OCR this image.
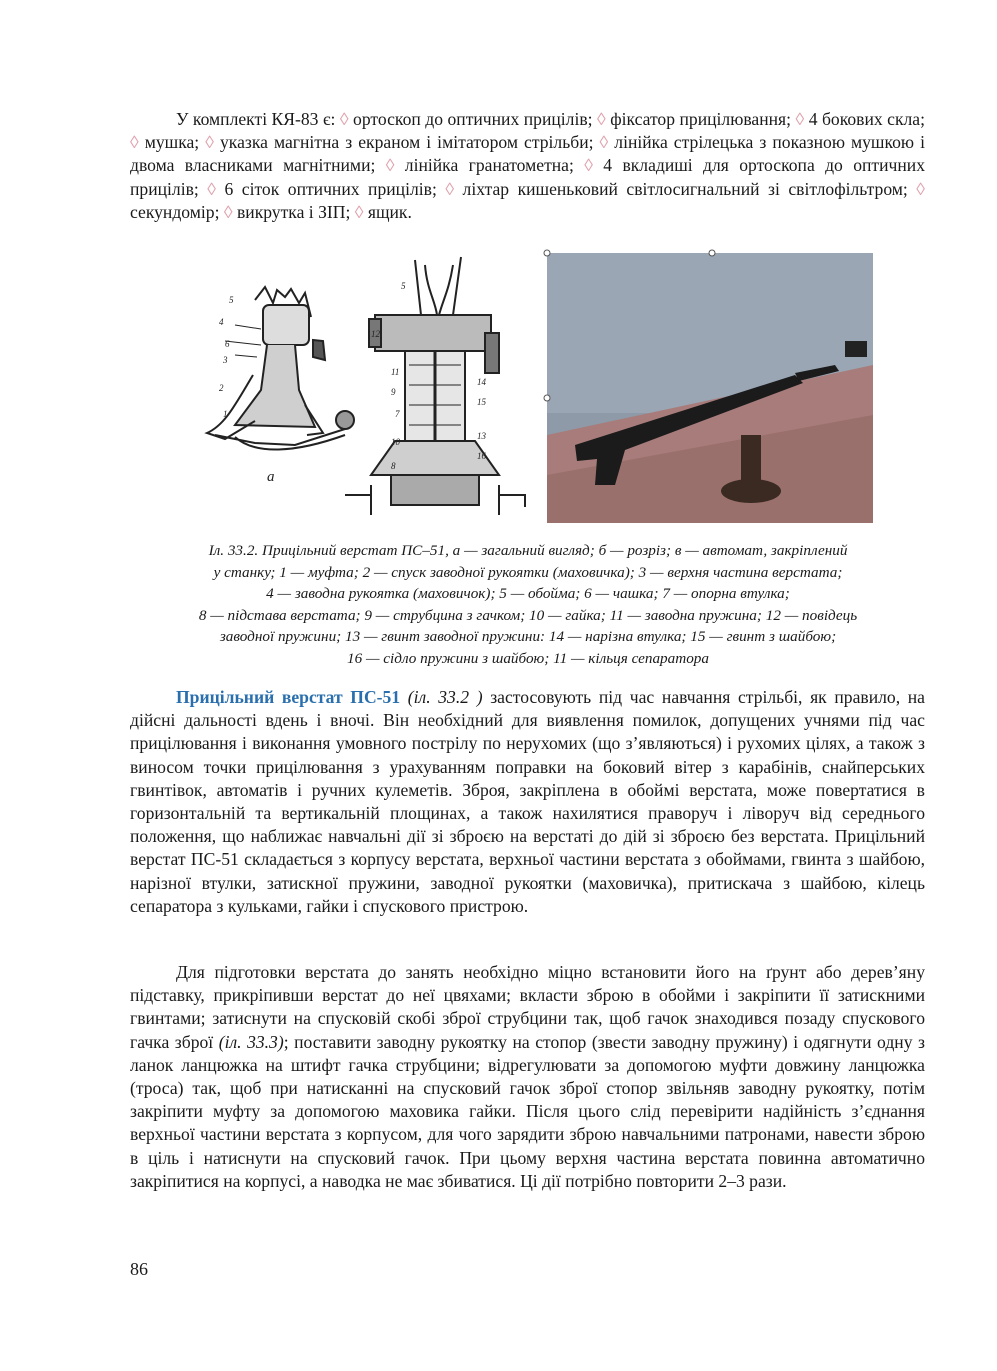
У комплекті КЯ-83 є: ◊ ортоскоп до оптичних прицілів; ◊ фіксатор прицілювання; ◊ 4 бокових скла; ◊ мушка; ◊ указка магнітна з екраном і імітатором стрільби; ◊ лінійка стрілецька з показною мушкою і двома власниками магнітними; ◊ лінійка гранатометна; ◊ 4 вкладиші для ортоскопа до оптичних прицілів; ◊ 6 сіток оптичних прицілів; ◊ ліхтар кишеньковий світлосигнальний зі світлофільтром; ◊ секундомір; ◊ викрутка і ЗІП; ◊ ящик.

а
5
4
6
3
2
1
5
12
11
9
7
10
8
14
15
13
16
Іл. 33.2. Прицільний верстат ПС–51, а — загальний вигляд; б — розріз; в — автомат, закріплений
у станку; 1 — муфта; 2 — спуск заводної рукоятки (маховичка); 3 — верхня частина верстата;
4 — заводна рукоятка (маховичок); 5 — обойма; 6 — чашка; 7 — опорна втулка;
8 — підстава верстата; 9 — струбцина з гачком; 10 — гайка; 11 — заводна пружина; 12 — повідець
заводної пружини; 13 — гвинт заводної пружини: 14 — нарізна втулка; 15 — гвинт з шайбою;
16 — сідло пружини з шайбою; 11 — кільця сепаратора

Прицільний верстат ПС-51 (іл. 33.2 ) застосовують під час навчання стрільбі, як правило, на дійсні дальності вдень і вночі. Він необхідний для виявлення помилок, допущених учнями під час прицілювання і виконання умовного пострілу по нерухомих (що з’являються) і рухомих цілях, а також з виносом точки прицілювання з урахуванням поправки на боковий вітер з карабінів, снайперських гвинтівок, автоматів і ручних кулеметів. Зброя, закріплена в обоймі верстата, може повертатися в горизонтальній та вертикальній площинах, а також нахилятися праворуч і ліворуч від середнього положення, що наближає навчальні дії зі зброєю на верстаті до дій зі зброєю без верстата. Прицільний верстат ПС-51 складається з корпусу верстата, верхньої частини верстата з обоймами, гвинта з шайбою, нарізної втулки, затискної пружини, заводної рукоятки (маховичка), притискача з шайбою, кілець сепаратора з кульками, гайки і спускового пристрою.

Для підготовки верстата до занять необхідно міцно встановити його на ґрунт або дерев’яну підставку, прикріпивши верстат до неї цвяхами; вкласти зброю в обойми і закріпити її затискними гвинтами; затиснути на спусковій скобі зброї струбцини так, щоб гачок знаходився позаду спускового гачка зброї (іл. 33.3); поставити заводну рукоятку на стопор (звести заводну пружину) і одягнути одну з ланок ланцюжка на штифт гачка струбцини; відрегулювати за допомогою муфти довжину ланцюжка (троса) так, щоб при натисканні на спусковий гачок зброї стопор звільняв заводну рукоятку, потім закріпити муфту за допомогою маховика гайки. Після цього слід перевірити надійність з’єднання верхньої частини верстата з корпусом, для чого зарядити зброю навчальними патронами, навести зброю в ціль і натиснути на спусковий гачок. При цьому верхня частина верстата повинна автоматично закріпитися на корпусі, а наводка не має збиватися. Ці дії потрібно повторити 2–3 рази.

86
